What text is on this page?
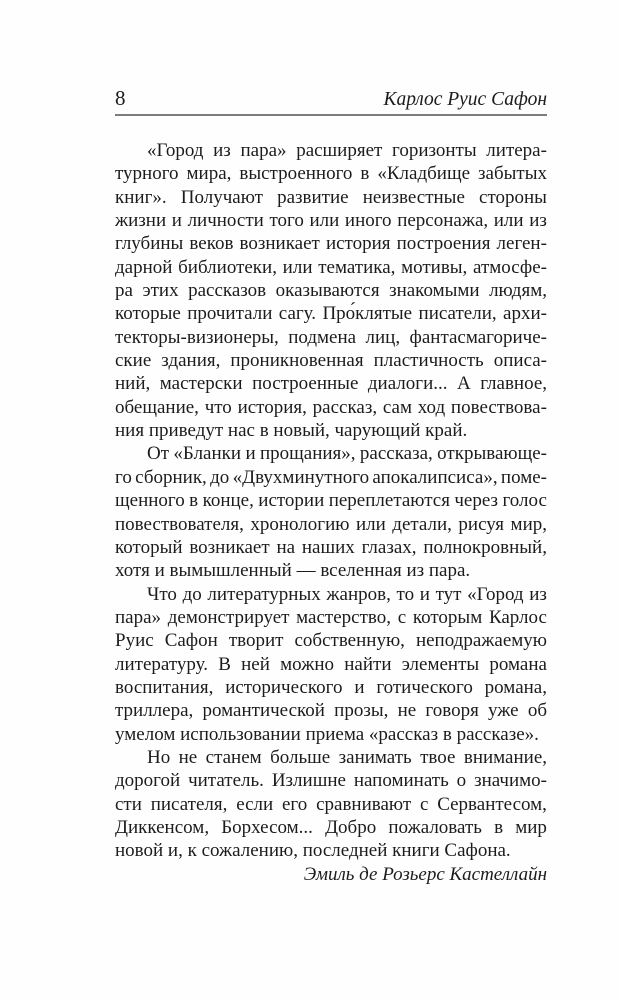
8	Карлос Руис Сафон
«Город из пара» расширяет горизонты литера-
турного мира, выстроенного в «Кладбище забытых
книг». Получают развитие неизвестные стороны
жизни и личности того или иного персонажа, или из
глубины веков возникает история построения леген-
дарной библиотеки, или тематика, мотивы, атмосфе-
ра этих рассказов оказываются знакомыми людям,
которые прочитали сагу. Про́клятые писатели, архи-
текторы-визионеры, подмена лиц, фантасмагориче-
ские здания, проникновенная пластичность описа-
ний, мастерски построенные диалоги... А главное,
обещание, что история, рассказ, сам ход повествова-
ния приведут нас в новый, чарующий край.
От «Бланки и прощания», рассказа, открывающе-
го сборник, до «Двухминутного апокалипсиса», поме-
щенного в конце, истории переплетаются через голос
повествователя, хронологию или детали, рисуя мир,
который возникает на наших глазах, полнокровный,
хотя и вымышленный — вселенная из пара.
Что до литературных жанров, то и тут «Город из
пара» демонстрирует мастерство, с которым Карлос
Руис Сафон творит собственную, неподражаемую
литературу. В ней можно найти элементы романа
воспитания, исторического и готического романа,
триллера, романтической прозы, не говоря уже об
умелом использовании приема «рассказ в рассказе».
Но не станем больше занимать твое внимание,
дорогой читатель. Излишне напоминать о значимо-
сти писателя, если его сравнивают с Сервантесом,
Диккенсом, Борхесом... Добро пожаловать в мир
новой и, к сожалению, последней книги Сафона.
Эмиль де Розьерс Кастеллайн
